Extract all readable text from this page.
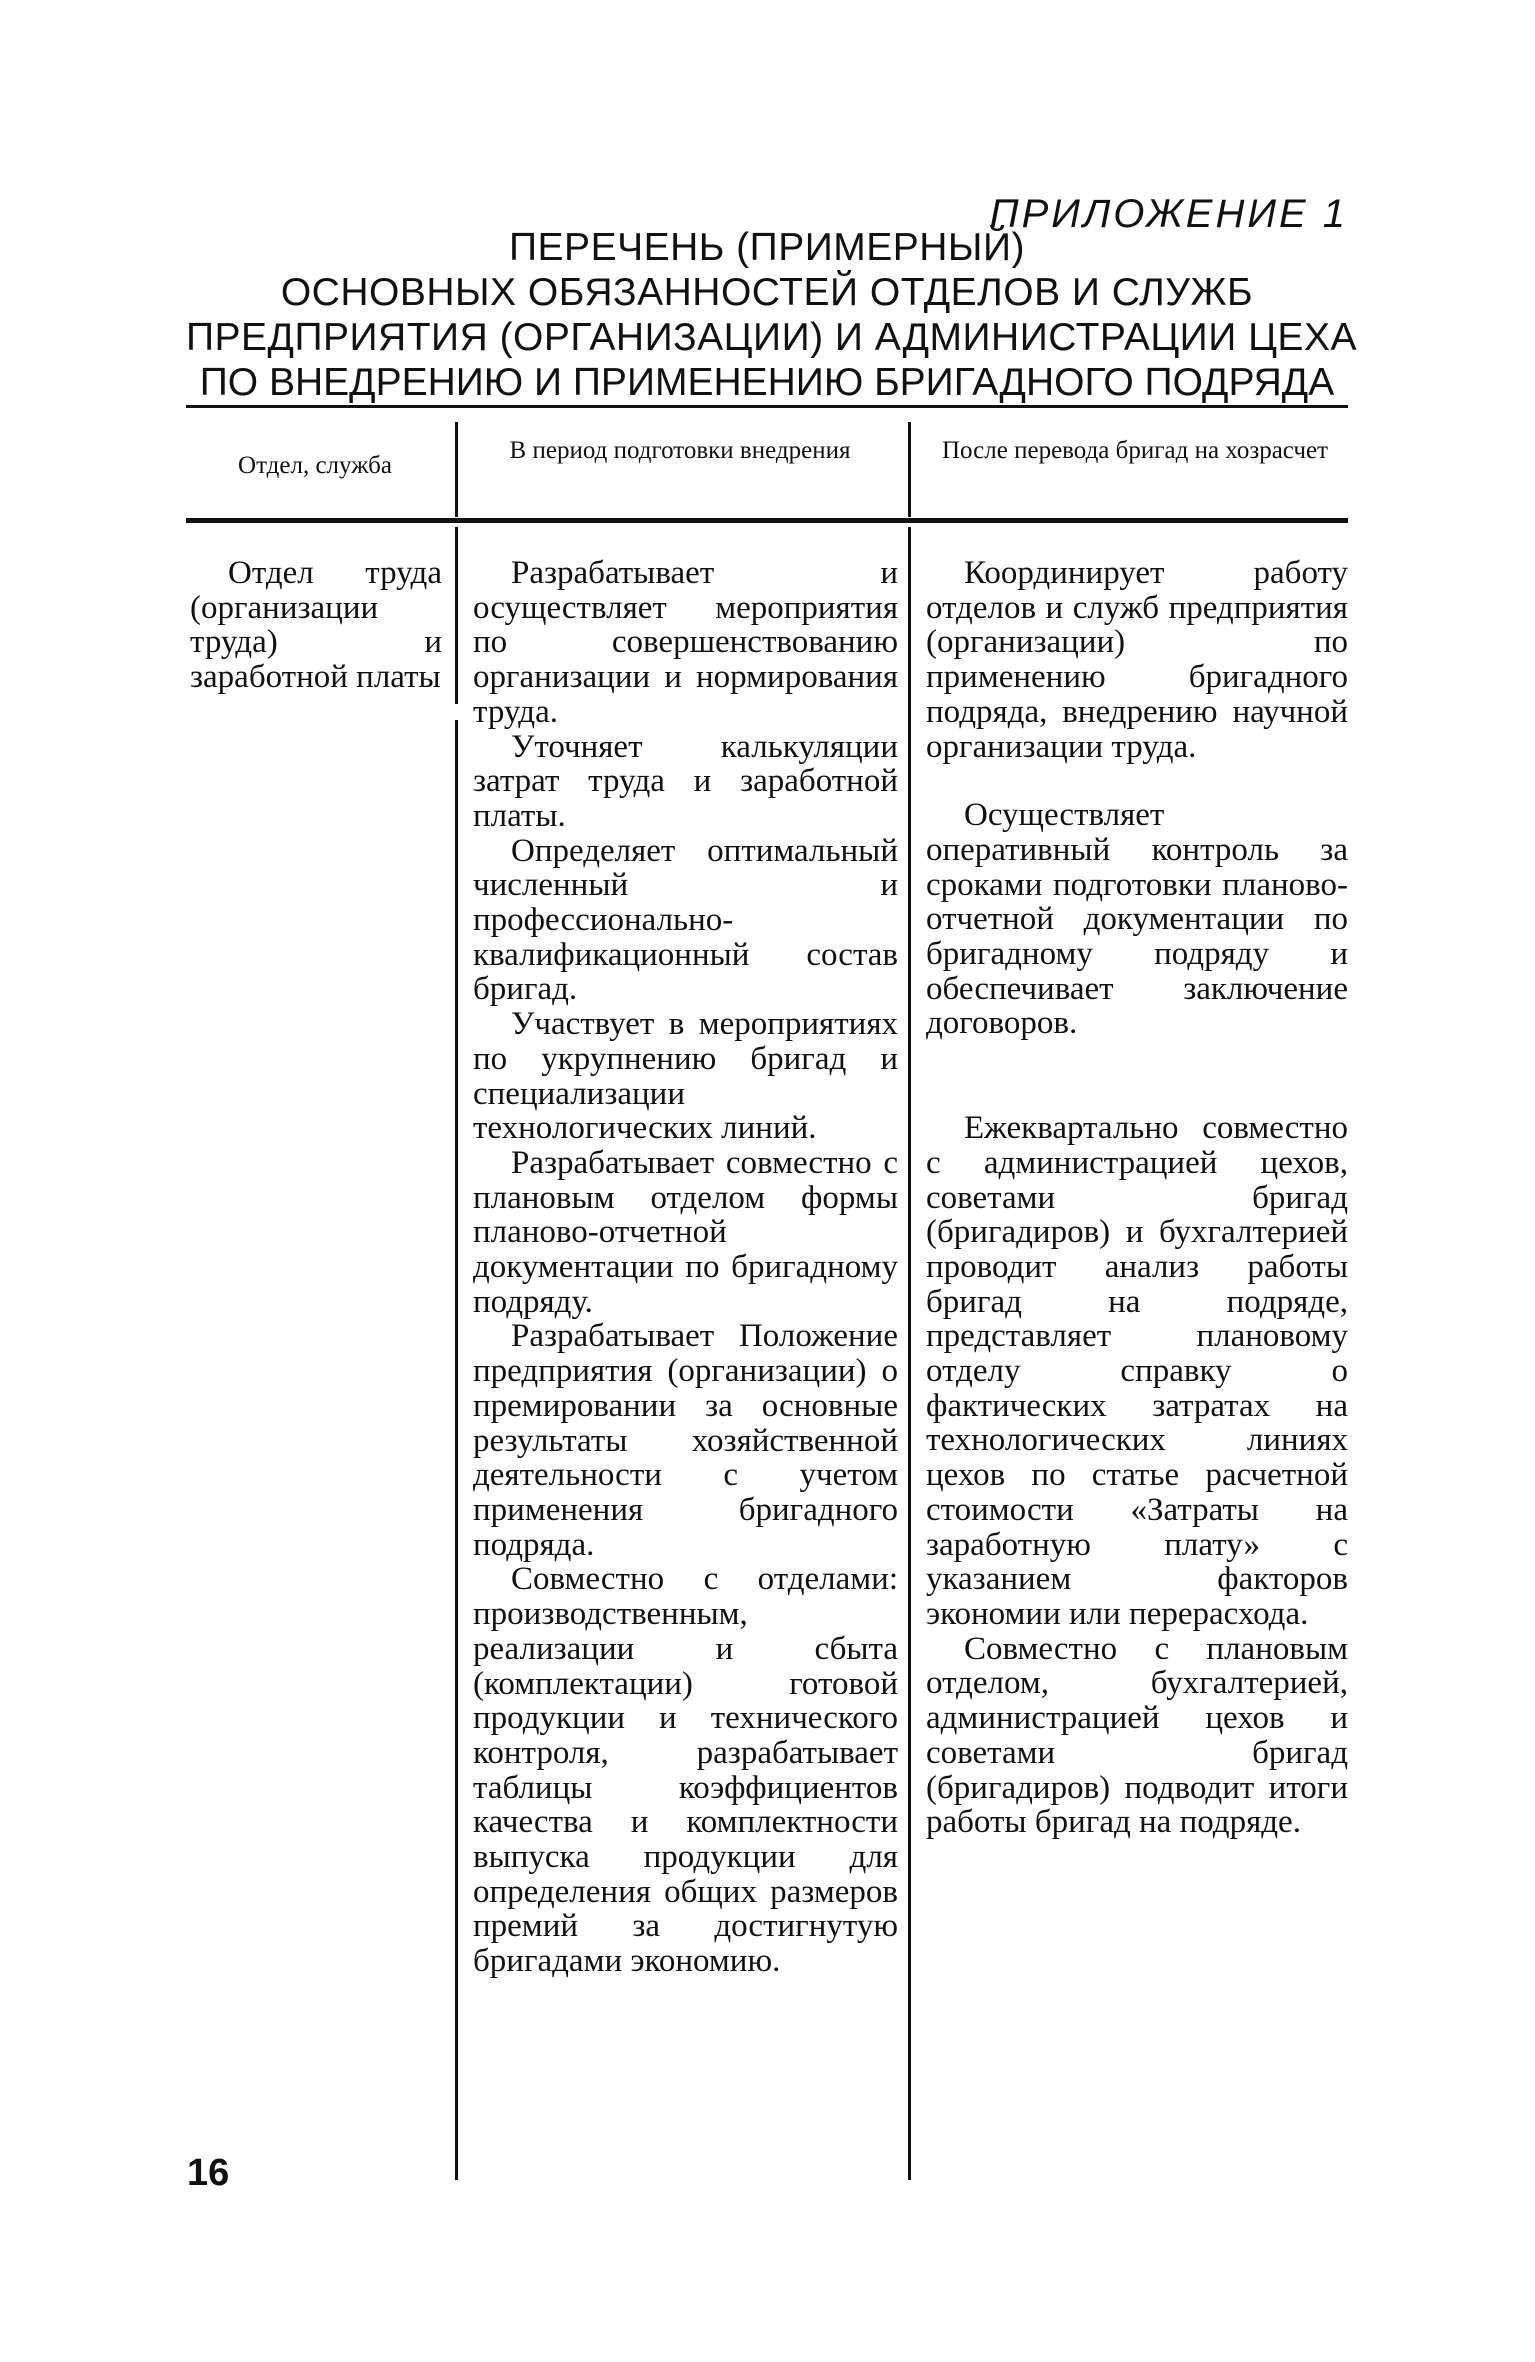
ПРИЛОЖЕНИЕ 1
ПЕРЕЧЕНЬ (ПРИМЕРНЫЙ)
ОСНОВНЫХ ОБЯЗАННОСТЕЙ ОТДЕЛОВ И СЛУЖБ
ПРЕДПРИЯТИЯ (ОРГАНИЗАЦИИ) И АДМИНИСТРАЦИИ ЦЕХА
ПО ВНЕДРЕНИЮ И ПРИМЕНЕНИЮ БРИГАДНОГО ПОДРЯДА
Отдел, служба
В период подготовки внедрения	После перевода бригад на хозрасчет

Отдел труда (организации труда) и заработной платы

Разрабатывает и осуществляет мероприятия по совершенствованию организации и нормирования труда.

Уточняет калькуляции затрат труда и заработной платы.

Определяет оптимальный численный и профессионально-квалификационный состав бригад.

Участвует в мероприятиях по укрупнению бригад и специализации технологических линий.

Разрабатывает совместно с плановым отделом формы планово-отчетной документации по бригадному подряду.

Разрабатывает Положение предприятия (организации) о премировании за основные результаты хозяйственной деятельности с учетом применения бригадного подряда.

Совместно с отделами: производственным, реализации и сбыта (комплектации) готовой продукции и технического контроля, разрабатывает таблицы коэффициентов качества и комплектности выпуска продукции для определения общих размеров премий за достигнутую бригадами экономию.

Координирует работу отделов и служб предприятия (организации) по применению бригадного подряда, внедрению научной организации труда.

Осуществляет оперативный контроль за сроками подготовки планово-отчетной документации по бригадному подряду и обеспечивает заключение договоров.

Ежеквартально совместно с администрацией цехов, советами бригад (бригадиров) и бухгалтерией проводит анализ работы бригад на подряде, представляет плановому отделу справку о фактических затратах на технологических линиях цехов по статье расчетной стоимости «Затраты на заработную плату» с указанием факторов экономии или перерасхода.

Совместно с плановым отделом, бухгалтерией, администрацией цехов и советами бригад (бригадиров) подводит итоги работы бригад на подряде.

16
